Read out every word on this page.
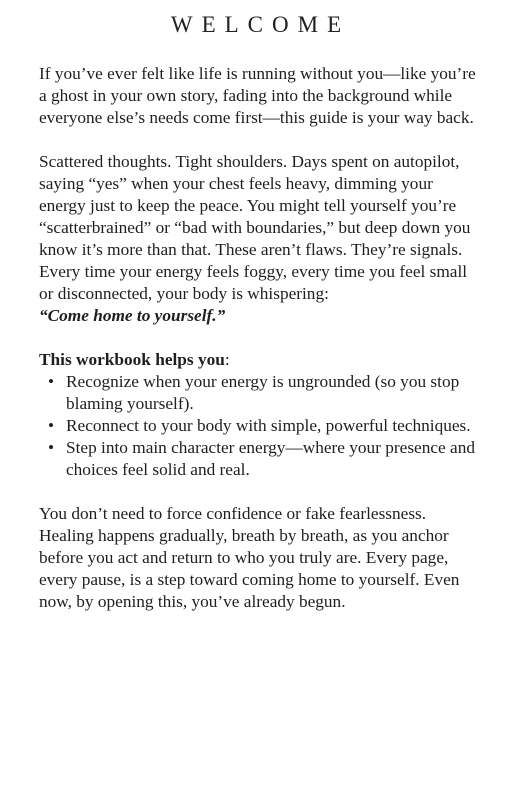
WELCOME

If you’ve ever felt like life is running without you—like you’re a ghost in your own story, fading into the background while everyone else’s needs come first—this guide is your way back.

Scattered thoughts. Tight shoulders. Days spent on autopilot, saying “yes” when your chest feels heavy, dimming your energy just to keep the peace. You might tell yourself you’re “scatterbrained” or “bad with boundaries,” but deep down you know it’s more than that. These aren’t flaws. They’re signals. Every time your energy feels foggy, every time you feel small or disconnected, your body is whispering:
“Come home to yourself.”

This workbook helps you:

• Recognize when your energy is ungrounded (so you stop blaming yourself).
• Reconnect to your body with simple, powerful techniques.
• Step into main character energy—where your presence and choices feel solid and real.

You don’t need to force confidence or fake fearlessness. Healing happens gradually, breath by breath, as you anchor before you act and return to who you truly are. Every page, every pause, is a step toward coming home to yourself. Even now, by opening this, you’ve already begun.
